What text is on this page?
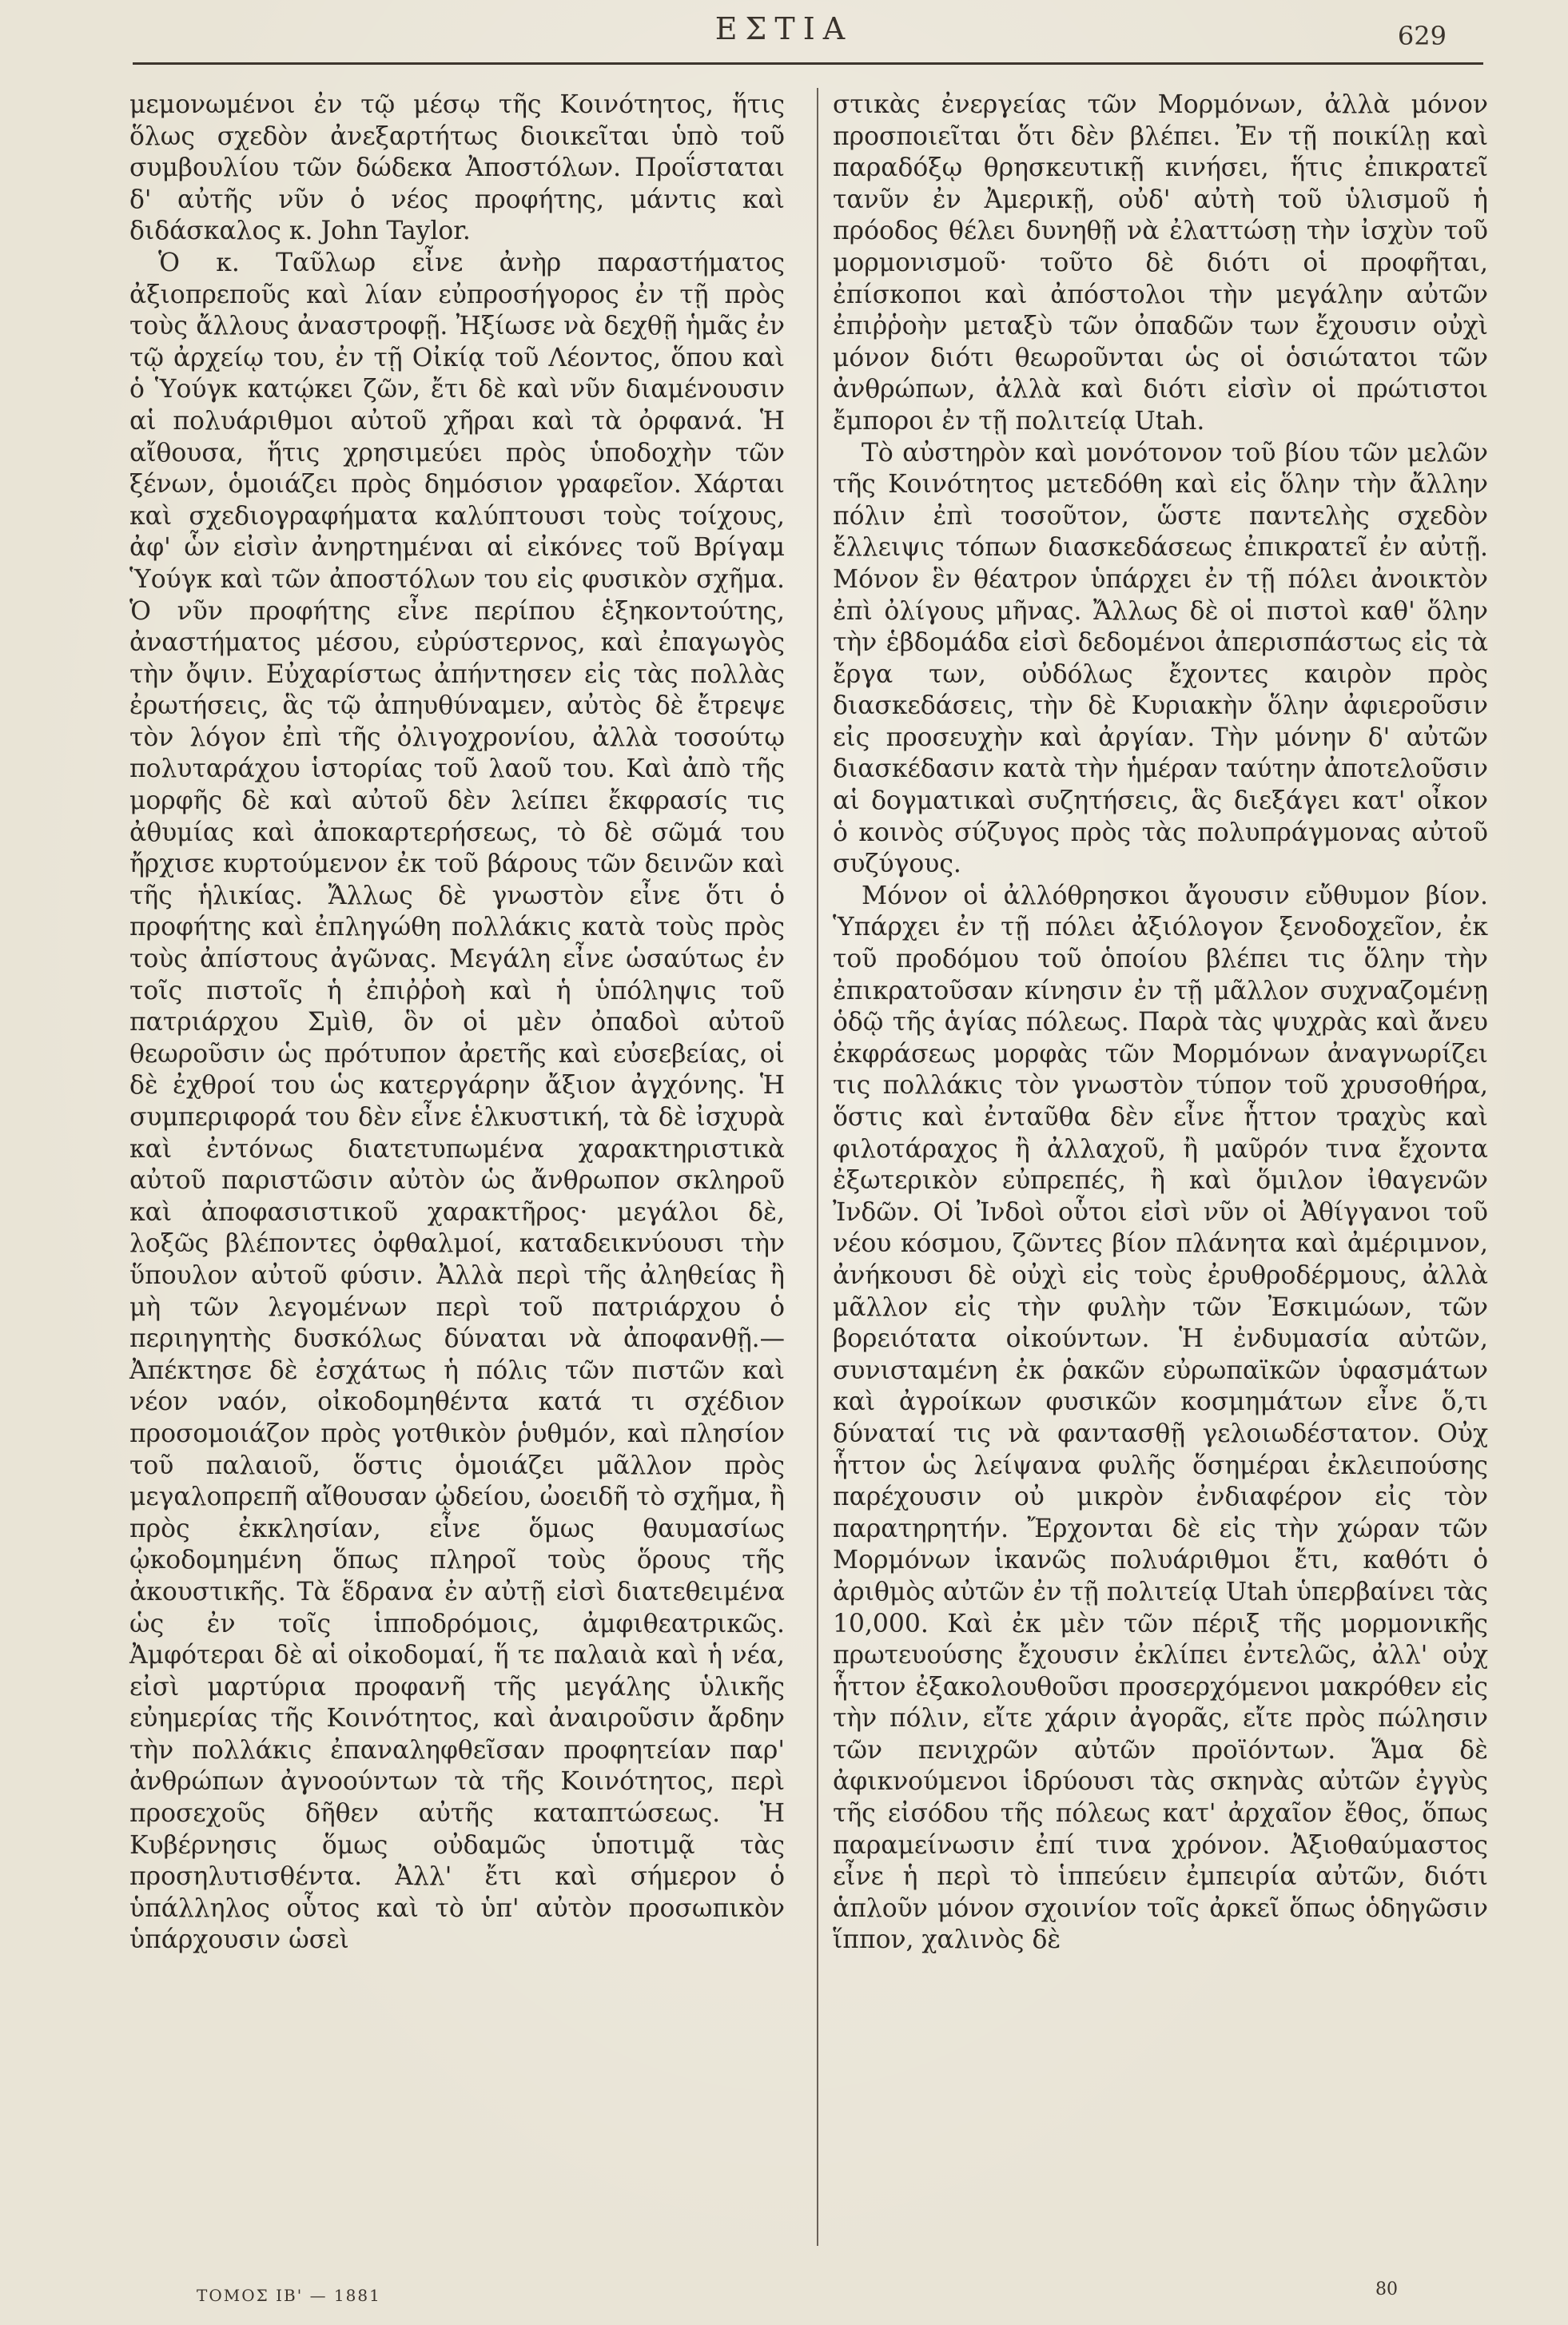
ΕΣΤΙΑ	629

μεμονωμένοι ἐν τῷ μέσῳ τῆς Κοινότητος, ἥτις ὅλως σχεδὸν ἀνεξαρτήτως διοικεῖται ὑπὸ τοῦ συμβουλίου τῶν δώδεκα Ἀποστόλων. Προΐσταται δ' αὐτῆς νῦν ὁ νέος προφήτης, μάντις καὶ διδάσκαλος κ. John Taylor.

Ὁ κ. Ταῦλωρ εἶνε ἀνὴρ παραστήματος ἀξιοπρεποῦς καὶ λίαν εὐπροσήγορος ἐν τῇ πρὸς τοὺς ἄλλους ἀναστροφῇ. Ἠξίωσε νὰ δεχθῇ ἡμᾶς ἐν τῷ ἀρχείῳ του, ἐν τῇ Οἰκίᾳ τοῦ Λέοντος, ὅπου καὶ ὁ Ὑούγκ κατῴκει ζῶν, ἔτι δὲ καὶ νῦν διαμένουσιν αἱ πολυάριθμοι αὐτοῦ χῆραι καὶ τὰ ὀρφανά. Ἡ αἴθουσα, ἥτις χρησιμεύει πρὸς ὑποδοχὴν τῶν ξένων, ὁμοιάζει πρὸς δημόσιον γραφεῖον. Χάρται καὶ σχεδιογραφήματα καλύπτουσι τοὺς τοίχους, ἀφ' ὧν εἰσὶν ἀνηρτημέναι αἱ εἰκόνες τοῦ Βρίγαμ Ὑούγκ καὶ τῶν ἀποστόλων του εἰς φυσικὸν σχῆμα. Ὁ νῦν προφήτης εἶνε περίπου ἑξηκοντούτης, ἀναστήματος μέσου, εὐρύστερνος, καὶ ἐπαγωγὸς τὴν ὄψιν. Εὐχαρίστως ἀπήντησεν εἰς τὰς πολλὰς ἐρωτήσεις, ἃς τῷ ἀπηυθύναμεν, αὐτὸς δὲ ἔτρεψε τὸν λόγον ἐπὶ τῆς ὀλιγοχρονίου, ἀλλὰ τοσούτῳ πολυταράχου ἱστορίας τοῦ λαοῦ του. Καὶ ἀπὸ τῆς μορφῆς δὲ καὶ αὐτοῦ δὲν λείπει ἔκφρασίς τις ἀθυμίας καὶ ἀποκαρτερήσεως, τὸ δὲ σῶμά του ἤρχισε κυρτούμενον ἐκ τοῦ βάρους τῶν δεινῶν καὶ τῆς ἡλικίας. Ἄλλως δὲ γνωστὸν εἶνε ὅτι ὁ προφήτης καὶ ἐπληγώθη πολλάκις κατὰ τοὺς πρὸς τοὺς ἀπίστους ἀγῶνας. Μεγάλη εἶνε ὡσαύτως ἐν τοῖς πιστοῖς ἡ ἐπιῤῥοὴ καὶ ἡ ὑπόληψις τοῦ πατριάρχου Σμὶθ, ὃν οἱ μὲν ὀπαδοὶ αὐτοῦ θεωροῦσιν ὡς πρότυπον ἀρετῆς καὶ εὐσεβείας, οἱ δὲ ἐχθροί του ὡς κατεργάρην ἄξιον ἀγχόνης. Ἡ συμπεριφορά του δὲν εἶνε ἑλκυστική, τὰ δὲ ἰσχυρὰ καὶ ἐντόνως διατετυπωμένα χαρακτηριστικὰ αὐτοῦ παριστῶσιν αὐτὸν ὡς ἄνθρωπον σκληροῦ καὶ ἀποφασιστικοῦ χαρακτῆρος· μεγάλοι δὲ, λοξῶς βλέποντες ὀφθαλμοί, καταδεικνύουσι τὴν ὕπουλον αὐτοῦ φύσιν. Ἀλλὰ περὶ τῆς ἀληθείας ἢ μὴ τῶν λεγομένων περὶ τοῦ πατριάρχου ὁ περιηγητὴς δυσκόλως δύναται νὰ ἀποφανθῇ.—Ἀπέκτησε δὲ ἐσχάτως ἡ πόλις τῶν πιστῶν καὶ νέον ναόν, οἰκοδομηθέντα κατά τι σχέδιον προσομοιάζον πρὸς γοτθικὸν ῥυθμόν, καὶ πλησίον τοῦ παλαιοῦ, ὅστις ὁμοιάζει μᾶλλον πρὸς μεγαλοπρεπῆ αἴθουσαν ᾠδείου, ὠοειδῆ τὸ σχῆμα, ἢ πρὸς ἐκκλησίαν, εἶνε ὅμως θαυμασίως ᾠκοδομημένη ὅπως πληροῖ τοὺς ὅρους τῆς ἀκουστικῆς. Τὰ ἕδρανα ἐν αὐτῇ εἰσὶ διατεθειμένα ὡς ἐν τοῖς ἱπποδρόμοις, ἀμφιθεατρικῶς. Ἀμφότεραι δὲ αἱ οἰκοδομαί, ἥ τε παλαιὰ καὶ ἡ νέα, εἰσὶ μαρτύρια προφανῆ τῆς μεγάλης ὑλικῆς εὐημερίας τῆς Κοινότητος, καὶ ἀναιροῦσιν ἄρδην τὴν πολλάκις ἐπαναληφθεῖσαν προφητείαν παρ' ἀνθρώπων ἀγνοούντων τὰ τῆς Κοινότητος, περὶ προσεχοῦς δῆθεν αὐτῆς καταπτώσεως. Ἡ Κυβέρνησις ὅμως οὐδαμῶς ὑποτιμᾷ τὰς προσηλυτισθέντα. Ἀλλ' ἔτι καὶ σήμερον ὁ ὑπάλληλος οὗτος καὶ τὸ ὑπ' αὐτὸν προσωπικὸν ὑπάρχουσιν ὡσεὶ

στικὰς ἐνεργείας τῶν Μορμόνων, ἀλλὰ μόνον προσποιεῖται ὅτι δὲν βλέπει. Ἐν τῇ ποικίλῃ καὶ παραδόξῳ θρησκευτικῇ κινήσει, ἥτις ἐπικρατεῖ τανῦν ἐν Ἀμερικῇ, οὐδ' αὐτὴ τοῦ ὑλισμοῦ ἡ πρόοδος θέλει δυνηθῇ νὰ ἐλαττώσῃ τὴν ἰσχὺν τοῦ μορμονισμοῦ· τοῦτο δὲ διότι οἱ προφῆται, ἐπίσκοποι καὶ ἀπόστολοι τὴν μεγάλην αὐτῶν ἐπιῤῥοὴν μεταξὺ τῶν ὀπαδῶν των ἔχουσιν οὐχὶ μόνον διότι θεωροῦνται ὡς οἱ ὁσιώτατοι τῶν ἀνθρώπων, ἀλλὰ καὶ διότι εἰσὶν οἱ πρώτιστοι ἔμποροι ἐν τῇ πολιτείᾳ Utah.

Τὸ αὐστηρὸν καὶ μονότονον τοῦ βίου τῶν μελῶν τῆς Κοινότητος μετεδόθη καὶ εἰς ὅλην τὴν ἄλλην πόλιν ἐπὶ τοσοῦτον, ὥστε παντελὴς σχεδὸν ἔλλειψις τόπων διασκεδάσεως ἐπικρατεῖ ἐν αὐτῇ. Μόνον ἓν θέατρον ὑπάρχει ἐν τῇ πόλει ἀνοικτὸν ἐπὶ ὀλίγους μῆνας. Ἄλλως δὲ οἱ πιστοὶ καθ' ὅλην τὴν ἑβδομάδα εἰσὶ δεδομένοι ἀπερισπάστως εἰς τὰ ἔργα των, οὐδόλως ἔχοντες καιρὸν πρὸς διασκεδάσεις, τὴν δὲ Κυριακὴν ὅλην ἀφιεροῦσιν εἰς προσευχὴν καὶ ἀργίαν. Τὴν μόνην δ' αὐτῶν διασκέδασιν κατὰ τὴν ἡμέραν ταύτην ἀποτελοῦσιν αἱ δογματικαὶ συζητήσεις, ἃς διεξάγει κατ' οἶκον ὁ κοινὸς σύζυγος πρὸς τὰς πολυπράγμονας αὐτοῦ συζύγους.

Μόνον οἱ ἀλλόθρησκοι ἄγουσιν εὔθυμον βίον. Ὑπάρχει ἐν τῇ πόλει ἀξιόλογον ξενοδοχεῖον, ἐκ τοῦ προδόμου τοῦ ὁποίου βλέπει τις ὅλην τὴν ἐπικρατοῦσαν κίνησιν ἐν τῇ μᾶλλον συχναζομένῃ ὁδῷ τῆς ἁγίας πόλεως. Παρὰ τὰς ψυχρὰς καὶ ἄνευ ἐκφράσεως μορφὰς τῶν Μορμόνων ἀναγνωρίζει τις πολλάκις τὸν γνωστὸν τύπον τοῦ χρυσοθήρα, ὅστις καὶ ἐνταῦθα δὲν εἶνε ἧττον τραχὺς καὶ φιλοτάραχος ἢ ἀλλαχοῦ, ἢ μαῦρόν τινα ἔχοντα ἐξωτερικὸν εὐπρεπές, ἢ καὶ ὅμιλον ἰθαγενῶν Ἰνδῶν. Οἱ Ἰνδοὶ οὗτοι εἰσὶ νῦν οἱ Ἀθίγγανοι τοῦ νέου κόσμου, ζῶντες βίον πλάνητα καὶ ἀμέριμνον, ἀνήκουσι δὲ οὐχὶ εἰς τοὺς ἐρυθροδέρμους, ἀλλὰ μᾶλλον εἰς τὴν φυλὴν τῶν Ἐσκιμώων, τῶν βορειότατα οἰκούντων. Ἡ ἐνδυμασία αὐτῶν, συνισταμένη ἐκ ῥακῶν εὐρωπαϊκῶν ὑφασμάτων καὶ ἀγροίκων φυσικῶν κοσμημάτων εἶνε ὅ,τι δύναταί τις νὰ φαντασθῇ γελοιωδέστατον. Οὐχ ἧττον ὡς λείψανα φυλῆς ὅσημέραι ἐκλειπούσης παρέχουσιν οὐ μικρὸν ἐνδιαφέρον εἰς τὸν παρατηρητήν. Ἔρχονται δὲ εἰς τὴν χώραν τῶν Μορμόνων ἱκανῶς πολυάριθμοι ἔτι, καθότι ὁ ἀριθμὸς αὐτῶν ἐν τῇ πολιτείᾳ Utah ὑπερβαίνει τὰς 10,000. Καὶ ἐκ μὲν τῶν πέριξ τῆς μορμονικῆς πρωτευούσης ἔχουσιν ἐκλίπει ἐντελῶς, ἀλλ' οὐχ ἧττον ἐξακολουθοῦσι προσερχόμενοι μακρόθεν εἰς τὴν πόλιν, εἴτε χάριν ἀγορᾶς, εἴτε πρὸς πώλησιν τῶν πενιχρῶν αὐτῶν προϊόντων. Ἅμα δὲ ἀφικνούμενοι ἱδρύουσι τὰς σκηνὰς αὐτῶν ἐγγὺς τῆς εἰσόδου τῆς πόλεως κατ' ἀρχαῖον ἔθος, ὅπως παραμείνωσιν ἐπί τινα χρόνον. Ἀξιοθαύμαστος εἶνε ἡ περὶ τὸ ἱππεύειν ἐμπειρία αὐτῶν, διότι ἁπλοῦν μόνον σχοινίον τοῖς ἀρκεῖ ὅπως ὁδηγῶσιν ἵππον, χαλινὸς δὲ

ΤΟΜΟΣ ΙΒ' — 1881	80
